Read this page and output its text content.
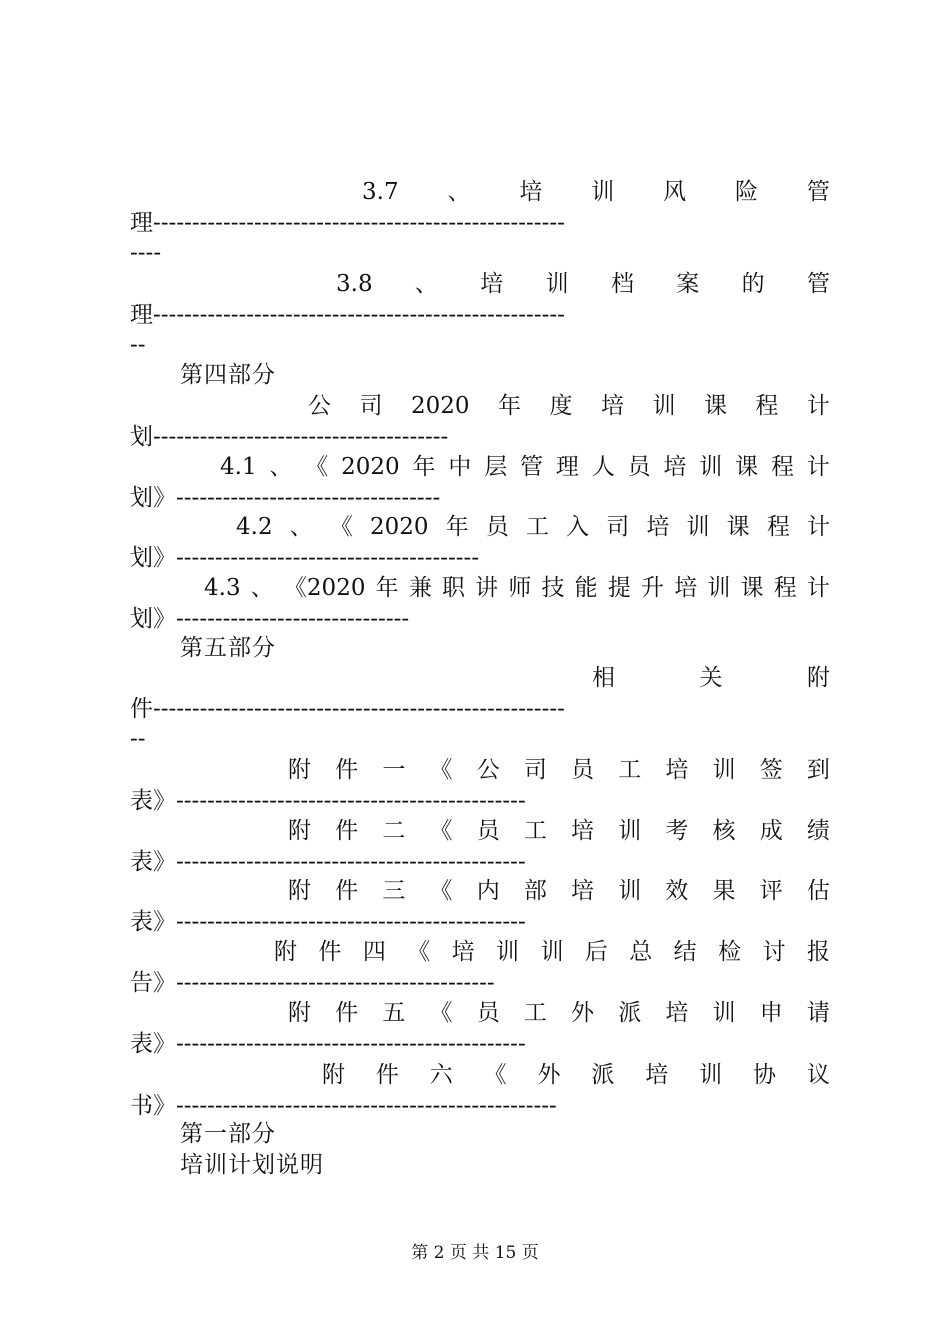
3.7 、 培 训 风 险 管
理-----------------------------------------------------
----
3.8 、 培 训 档 案 的 管
理-----------------------------------------------------
--
第四部分
公 司 2020 年 度 培 训 课 程 计
划--------------------------------------
4.1 、 《 2020 年 中 层 管 理 人 员 培 训 课 程 计
划》----------------------------------
4.2 、 《 2020 年 员 工 入 司 培 训 课 程 计
划》---------------------------------------
4.3 、 《2020 年 兼 职 讲 师 技 能 提 升 培 训 课 程 计
划》------------------------------
第五部分
相	关	附
件-----------------------------------------------------
--
附 件 一 《 公 司 员 工 培 训 签 到
表》---------------------------------------------
附 件 二 《 员 工 培 训 考 核 成 绩
表》---------------------------------------------
附 件 三 《 内 部 培 训 效 果 评 估
表》---------------------------------------------
附 件 四 《 培 训 训 后 总 结 检 讨 报
告》-----------------------------------------
附 件 五 《 员 工 外 派 培 训 申 请
表》---------------------------------------------
附 件 六 《 外 派 培 训 协 议
书》-------------------------------------------------
第一部分
培训计划说明
第 2 页 共 15 页
